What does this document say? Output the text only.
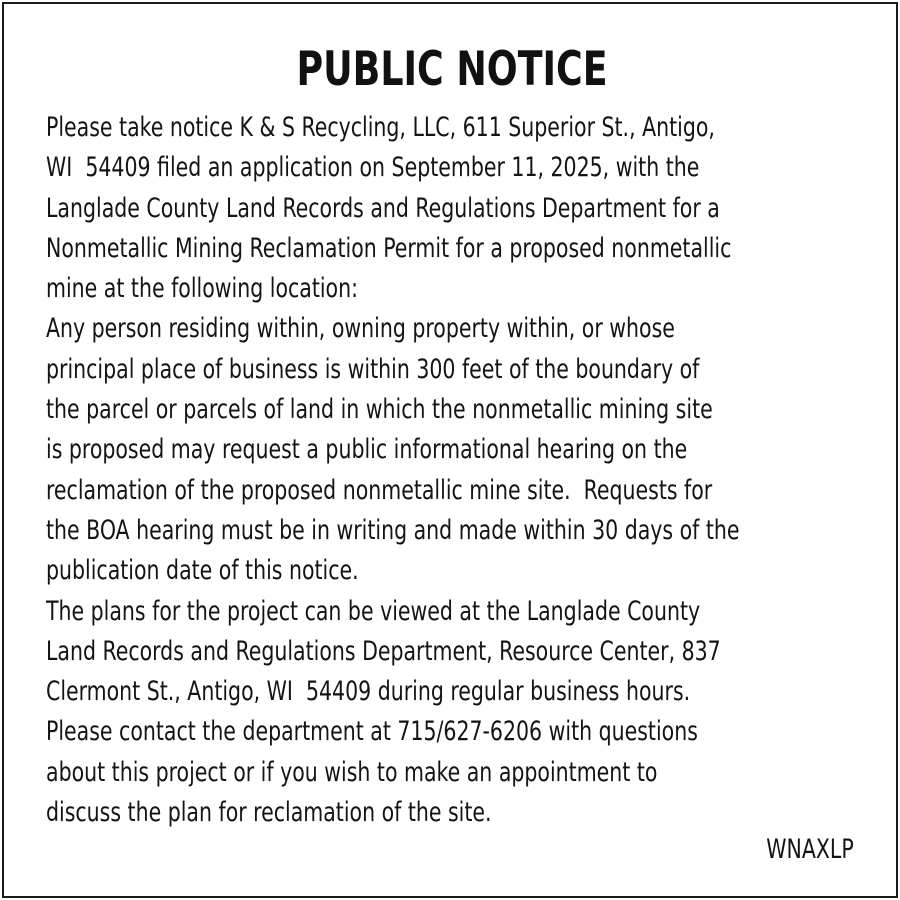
PUBLIC NOTICE
Please take notice K & S Recycling, LLC, 611 Superior St., Antigo,
WI  54409 filed an application on September 11, 2025, with the
Langlade County Land Records and Regulations Department for a
Nonmetallic Mining Reclamation Permit for a proposed nonmetallic
mine at the following location:
Any person residing within, owning property within, or whose
principal place of business is within 300 feet of the boundary of
the parcel or parcels of land in which the nonmetallic mining site
is proposed may request a public informational hearing on the
reclamation of the proposed nonmetallic mine site.  Requests for
the BOA hearing must be in writing and made within 30 days of the
publication date of this notice.
The plans for the project can be viewed at the Langlade County
Land Records and Regulations Department, Resource Center, 837
Clermont St., Antigo, WI  54409 during regular business hours.
Please contact the department at 715/627-6206 with questions
about this project or if you wish to make an appointment to
discuss the plan for reclamation of the site.
WNAXLP
